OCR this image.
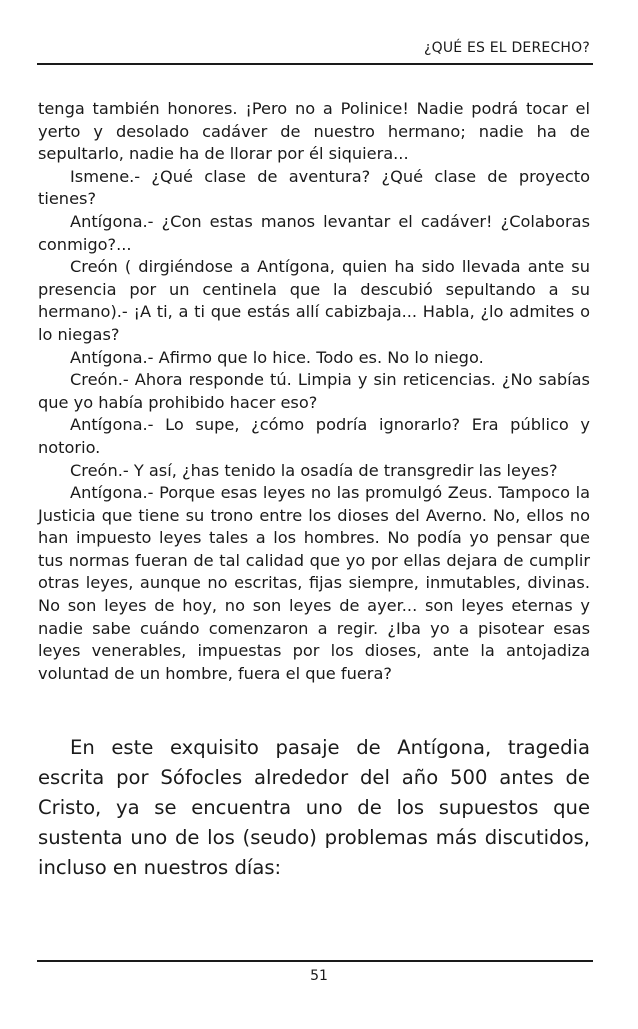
¿QUÉ ES EL DERECHO?

tenga también honores. ¡Pero no a Polinice! Nadie podrá tocar el yerto y desolado cadáver de nuestro hermano; nadie ha de sepultarlo, nadie ha de llorar por él siquiera...

Ismene.- ¿Qué clase de aventura? ¿Qué clase de proyecto tienes?

Antígona.- ¿Con estas manos levantar el cadáver! ¿Colaboras conmigo?...

Creón ( dirgiéndose a Antígona, quien ha sido llevada ante su presencia por un centinela que la descubió sepultando a su hermano).- ¡A ti, a ti que estás allí cabizbaja... Habla, ¿lo admites o lo niegas?

Antígona.- Afirmo que lo hice. Todo es. No lo niego.

Creón.- Ahora responde tú. Limpia y sin reticencias. ¿No sabías que yo había prohibido hacer eso?

Antígona.- Lo supe, ¿cómo podría ignorarlo? Era público y notorio.

Creón.- Y así, ¿has tenido la osadía de transgredir las leyes?

Antígona.- Porque esas leyes no las promulgó Zeus. Tampoco la Justicia que tiene su trono entre los dioses del Averno. No, ellos no han impuesto leyes tales a los hombres. No podía yo pensar que tus normas fueran de tal calidad que yo por ellas dejara de cumplir otras leyes, aunque no escritas, fijas siempre, inmutables, divinas. No son leyes de hoy, no son leyes de ayer... son leyes eternas y nadie sabe cuándo comenzaron a regir. ¿Iba yo a pisotear esas leyes venerables, impuestas por los dioses, ante la antojadiza voluntad de un hombre, fuera el que fuera?

En este exquisito pasaje de Antígona, tragedia escrita por Sófocles alrededor del año 500 antes de Cristo, ya se encuentra uno de los supuestos que sustenta uno de los (seudo) problemas más discutidos, incluso en nuestros días:

51
